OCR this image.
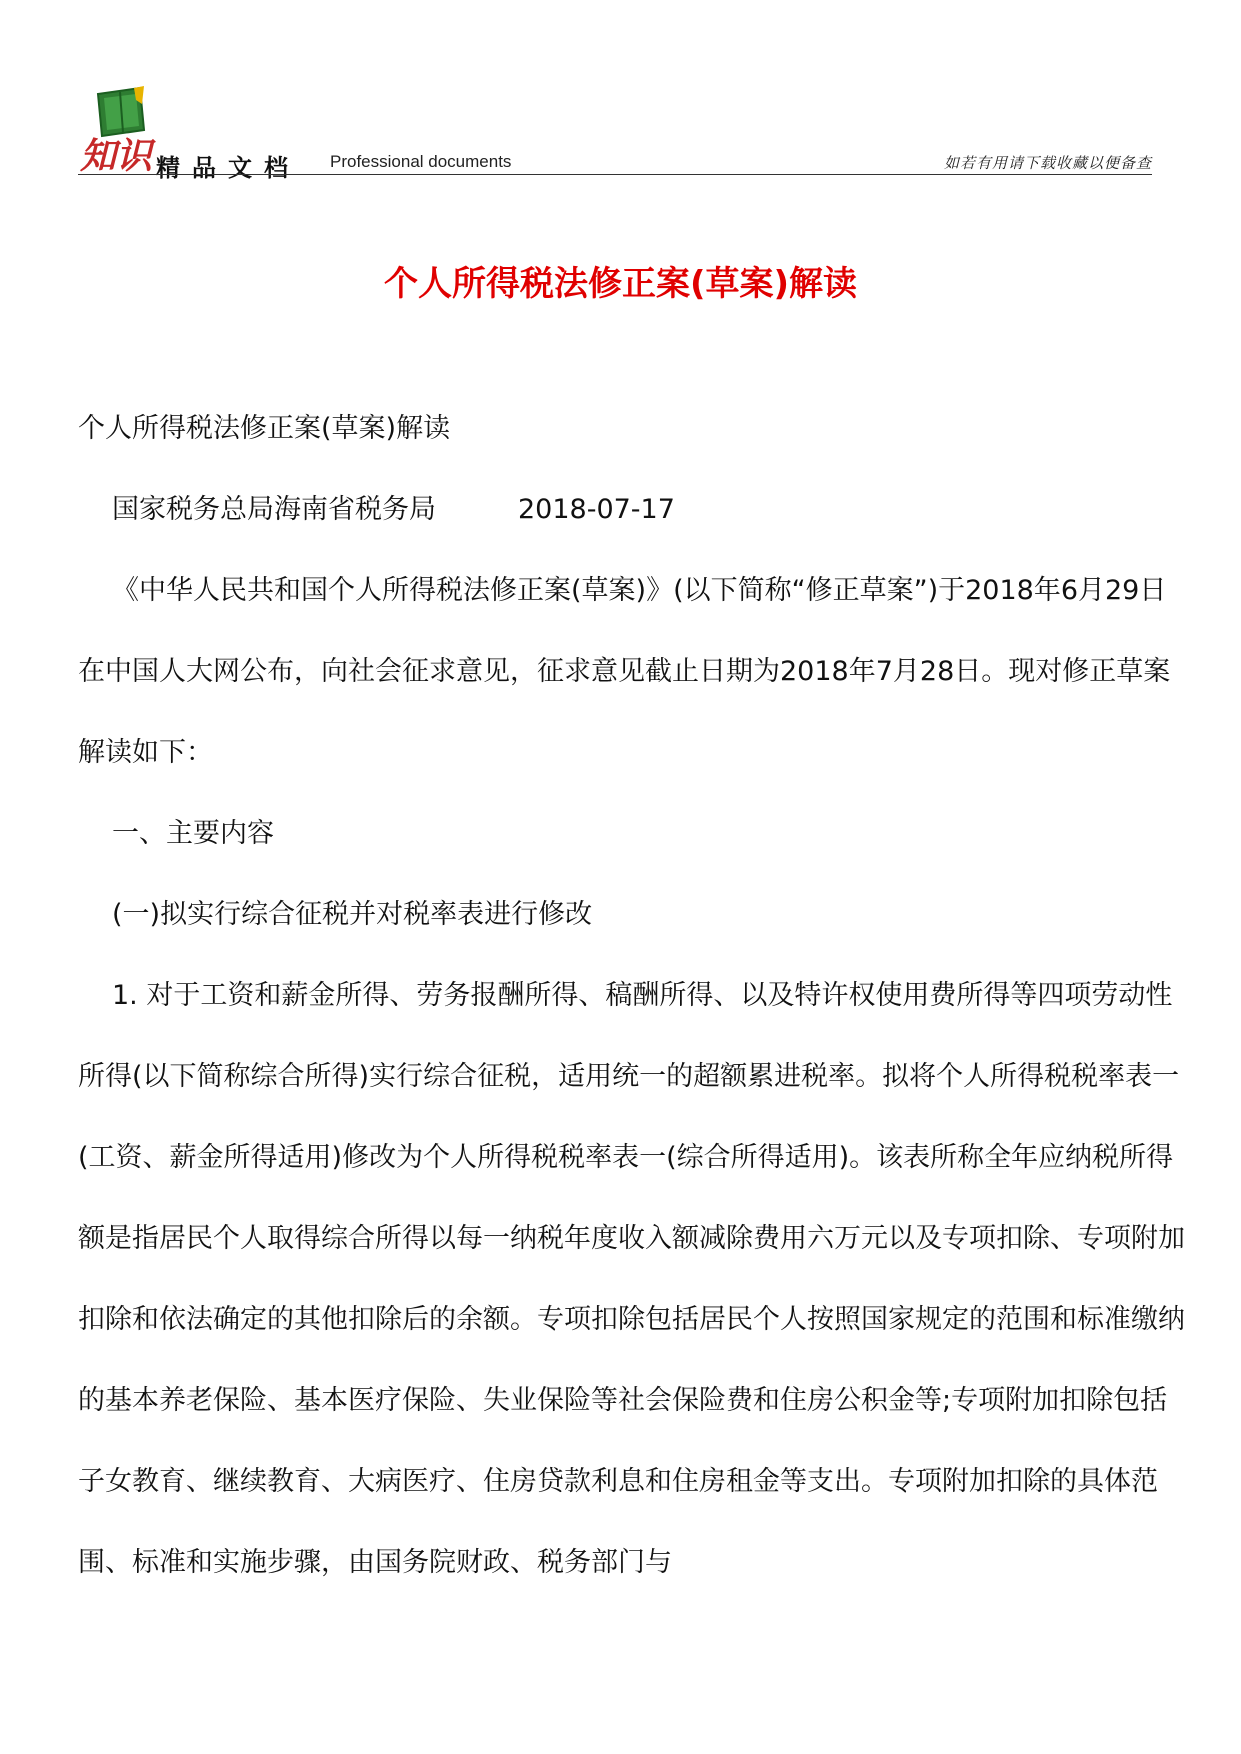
知识 精品文档 Professional documents	如若有用请下载收藏以便备查
个人所得税法修正案(草案)解读

个人所得税法修正案(草案)解读

国家税务总局海南省税务局	2018-07-17

《中华人民共和国个人所得税法修正案(草案)》(以下简称“修正草案”)于2018年6月29日在中国人大网公布，向社会征求意见，征求意见截止日期为2018年7月28日。现对修正草案解读如下：

一、主要内容

(一)拟实行综合征税并对税率表进行修改

1. 对于工资和薪金所得、劳务报酬所得、稿酬所得、以及特许权使用费所得等四项劳动性所得(以下简称综合所得)实行综合征税，适用统一的超额累进税率。拟将个人所得税税率表一(工资、薪金所得适用)修改为个人所得税税率表一(综合所得适用)。该表所称全年应纳税所得额是指居民个人取得综合所得以每一纳税年度收入额减除费用六万元以及专项扣除、专项附加扣除和依法确定的其他扣除后的余额。专项扣除包括居民个人按照国家规定的范围和标准缴纳的基本养老保险、基本医疗保险、失业保险等社会保险费和住房公积金等;专项附加扣除包括子女教育、继续教育、大病医疗、住房贷款利息和住房租金等支出。专项附加扣除的具体范围、标准和实施步骤，由国务院财政、税务部门与
